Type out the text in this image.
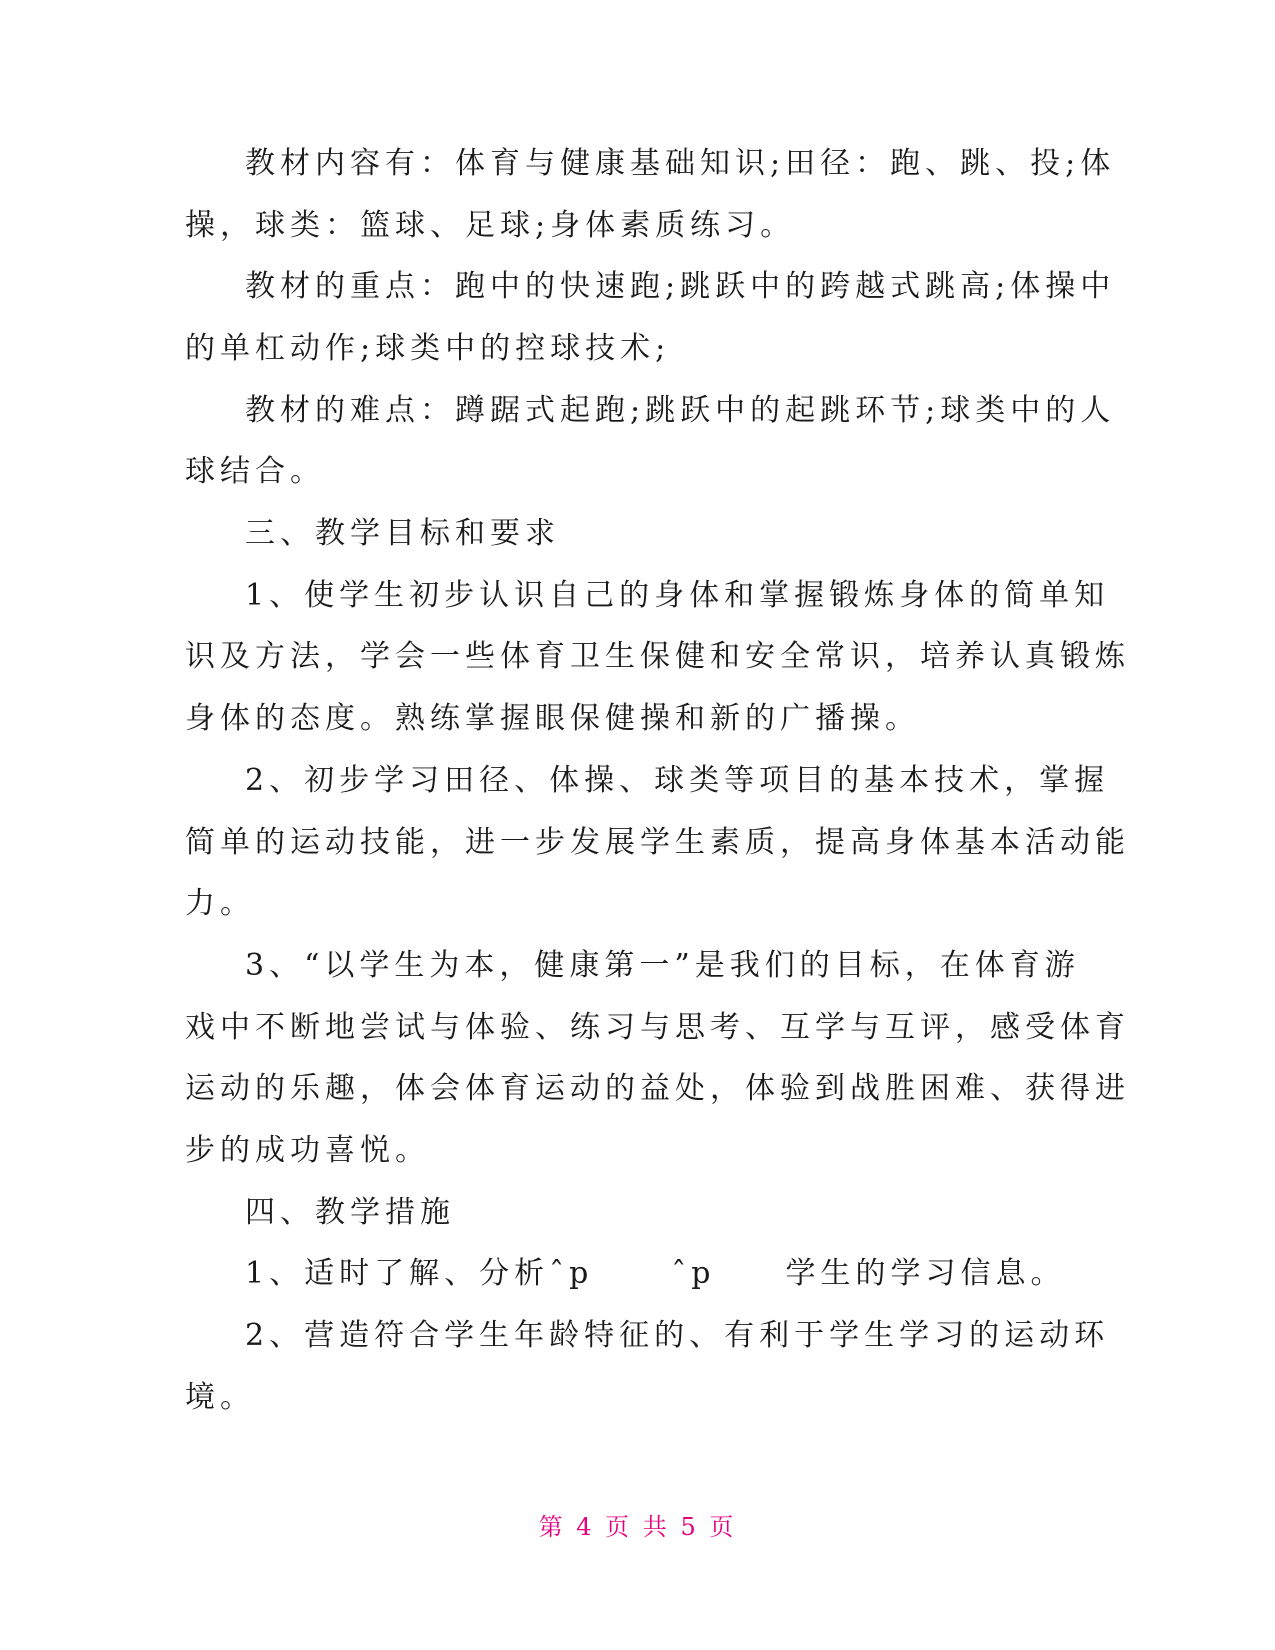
教材内容有：体育与健康基础知识;田径：跑、跳、投;体
操，球类：篮球、足球;身体素质练习。
教材的重点：跑中的快速跑;跳跃中的跨越式跳高;体操中
的单杠动作;球类中的控球技术;
教材的难点：蹲踞式起跑;跳跃中的起跳环节;球类中的人
球结合。
三、教学目标和要求
1、使学生初步认识自己的身体和掌握锻炼身体的简单知
识及方法，学会一些体育卫生保健和安全常识，培养认真锻炼
身体的态度。熟练掌握眼保健操和新的广播操。
2、初步学习田径、体操、球类等项目的基本技术，掌握
简单的运动技能，进一步发展学生素质，提高身体基本活动能
力。
3、“以学生为本，健康第一”是我们的目标，在体育游
戏中不断地尝试与体验、练习与思考、互学与互评，感受体育
运动的乐趣，体会体育运动的益处，体验到战胜困难、获得进
步的成功喜悦。
四、教学措施
1、适时了解、分析ˆp	ˆp 学生的学习信息。
2、营造符合学生年龄特征的、有利于学生学习的运动环
境。
第 4 页 共 5 页
